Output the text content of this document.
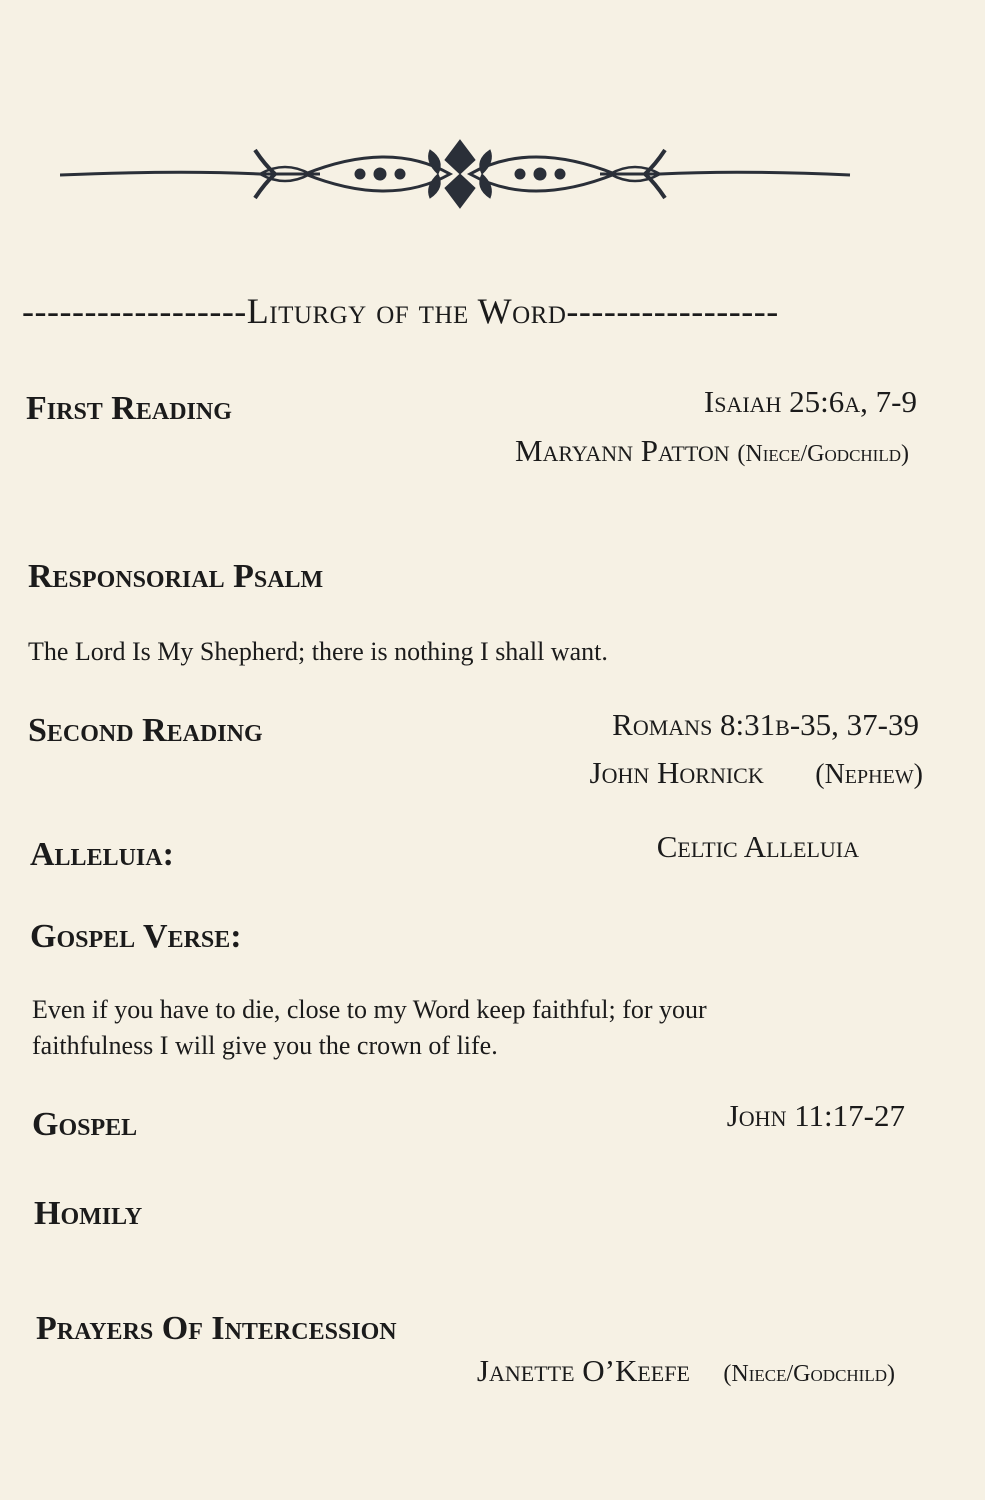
------------------Liturgy of the Word-----------------
First Reading	Isaiah 25:6a, 7-9
Maryann Patton (Niece/Godchild)
Responsorial Psalm
The Lord Is My Shepherd; there is nothing I shall want.
Second Reading	Romans 8:31b-35, 37-39
John Hornick (Nephew)
Alleluia:	Celtic Alleluia
Gospel Verse:
Even if you have to die, close to my Word keep faithful; for your
faithfulness I will give you the crown of life.
Gospel	John 11:17-27
Homily
Prayers Of Intercession
Janette O’Keefe (Niece/Godchild)
